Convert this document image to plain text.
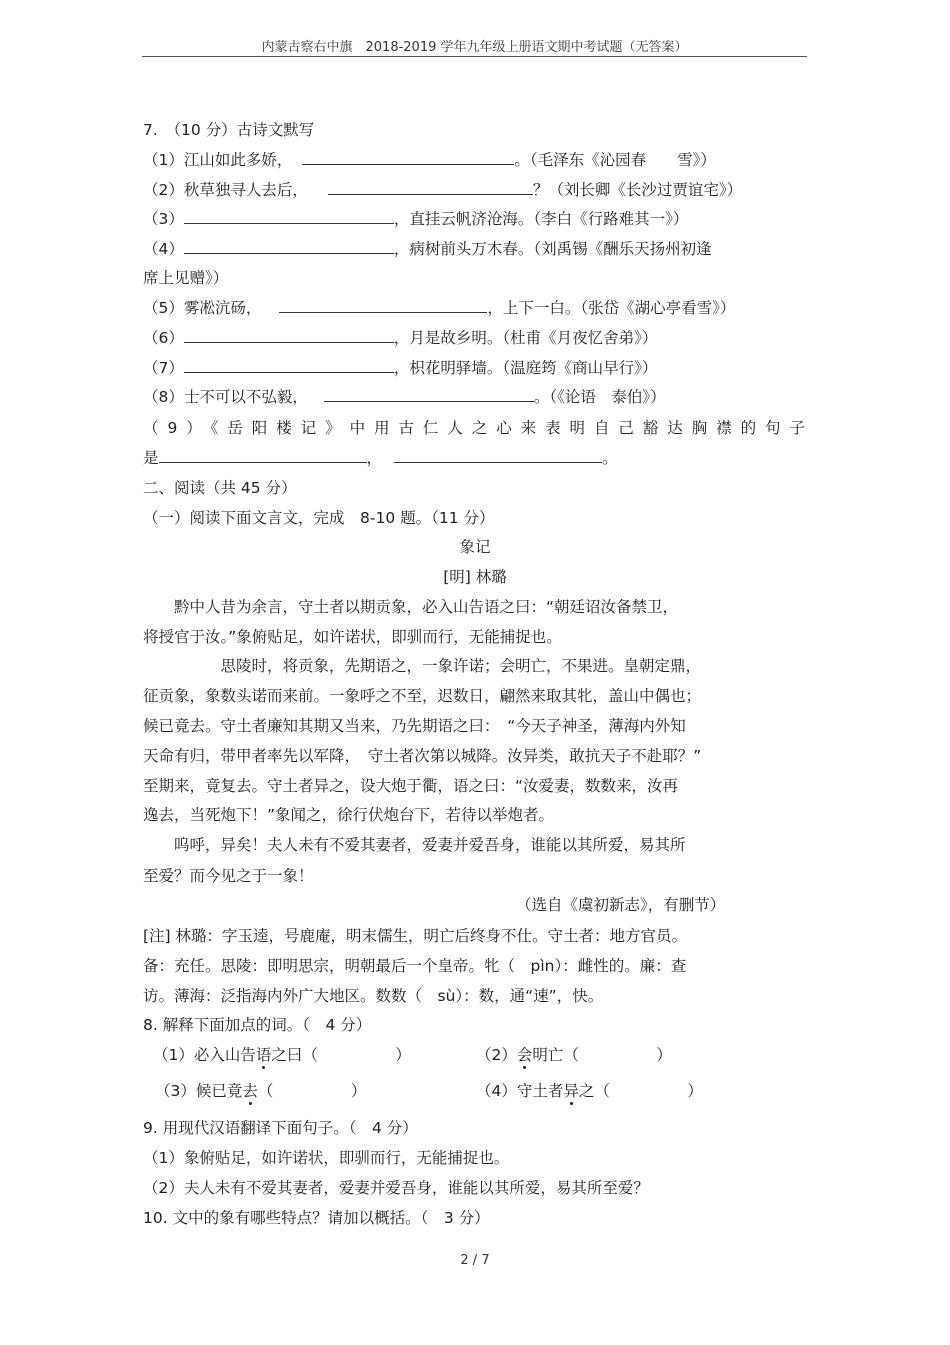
内蒙古察右中旗　2018-2019 学年九年级上册语文期中考试题（无答案）
7.　（10 分）古诗文默写
（1）江山如此多娇，	。（毛泽东《沁园春　　雪》）
（2）秋草独寻人去后，	？（刘长卿《长沙过贾谊宅》）
（3）	，直挂云帆济沧海。（李白《行路难其一》）
（4）	，病树前头万木春。（刘禹锡《酬乐天扬州初逢
席上见赠》）
（5）雾凇沆砀，	，上下一白。（张岱《湖心亭看雪》）
（6）	，月是故乡明。（杜甫《月夜忆舍弟》）
（7）	，枳花明驿墙。（温庭筠《商山早行》）
（8）士不可以不弘毅，	。（《论语　泰伯》）
（9）《岳阳楼记》中用古仁人之心来表明自己豁达胸襟的句子
是	，	。
二、阅读（共 45 分）
（一）阅读下面文言文，完成　8-10 题。（11 分）
象记
[明] 林璐
　　黔中人昔为余言，守土者以期贡象，必入山告语之曰：“朝廷诏汝备禁卫，
将授官于汝。”象俯贴足，如许诺状，即驯而行，无能捕捉也。
　　　　　思陵时，将贡象，先期语之，一象许诺；会明亡，不果进。皇朝定鼎，
征贡象，象数头诺而来前。一象呼之不至，迟数日，翩然来取其牝，盖山中偶也；
候已竟去。守土者廉知其期又当来，乃先期语之曰：　“今天子神圣，薄海内外知
天命有归，带甲者率先以军降，　守土者次第以城降。汝异类，敢抗天子不赴耶？”
至期来，竟复去。守土者异之，设大炮于衢，语之曰：“汝爱妻，数数来，汝再
逸去，当死炮下！”象闻之，徐行伏炮台下，若待以举炮者。
　　呜呼，异矣！夫人未有不爱其妻者，爱妻并爱吾身，谁能以其所爱，易其所
至爱？而今见之于一象！
（选自《虞初新志》，有删节）
[注] 林璐：字玉逵，号鹿庵，明末儒生，明亡后终身不仕。守土者：地方官员。
备：充任。思陵：即明思宗，明朝最后一个皇帝。牝（　pìn）：雌性的。廉：查
访。薄海：泛指海内外广大地区。数数（　sù）：数，通“速”，快。
8. 解释下面加点的词。（　4 分）
（1）必入山告语之曰（　　　　　）	（2）会明亡（　　　　　）
（3）候已竟去（　　　　　）	（4）守土者异之（　　　　　）
9. 用现代汉语翻译下面句子。（　4 分）
（1）象俯贴足，如许诺状，即驯而行，无能捕捉也。
（2）夫人未有不爱其妻者，爱妻并爱吾身，谁能以其所爱，易其所至爱？
10. 文中的象有哪些特点？请加以概括。（　3 分）
2 / 7
